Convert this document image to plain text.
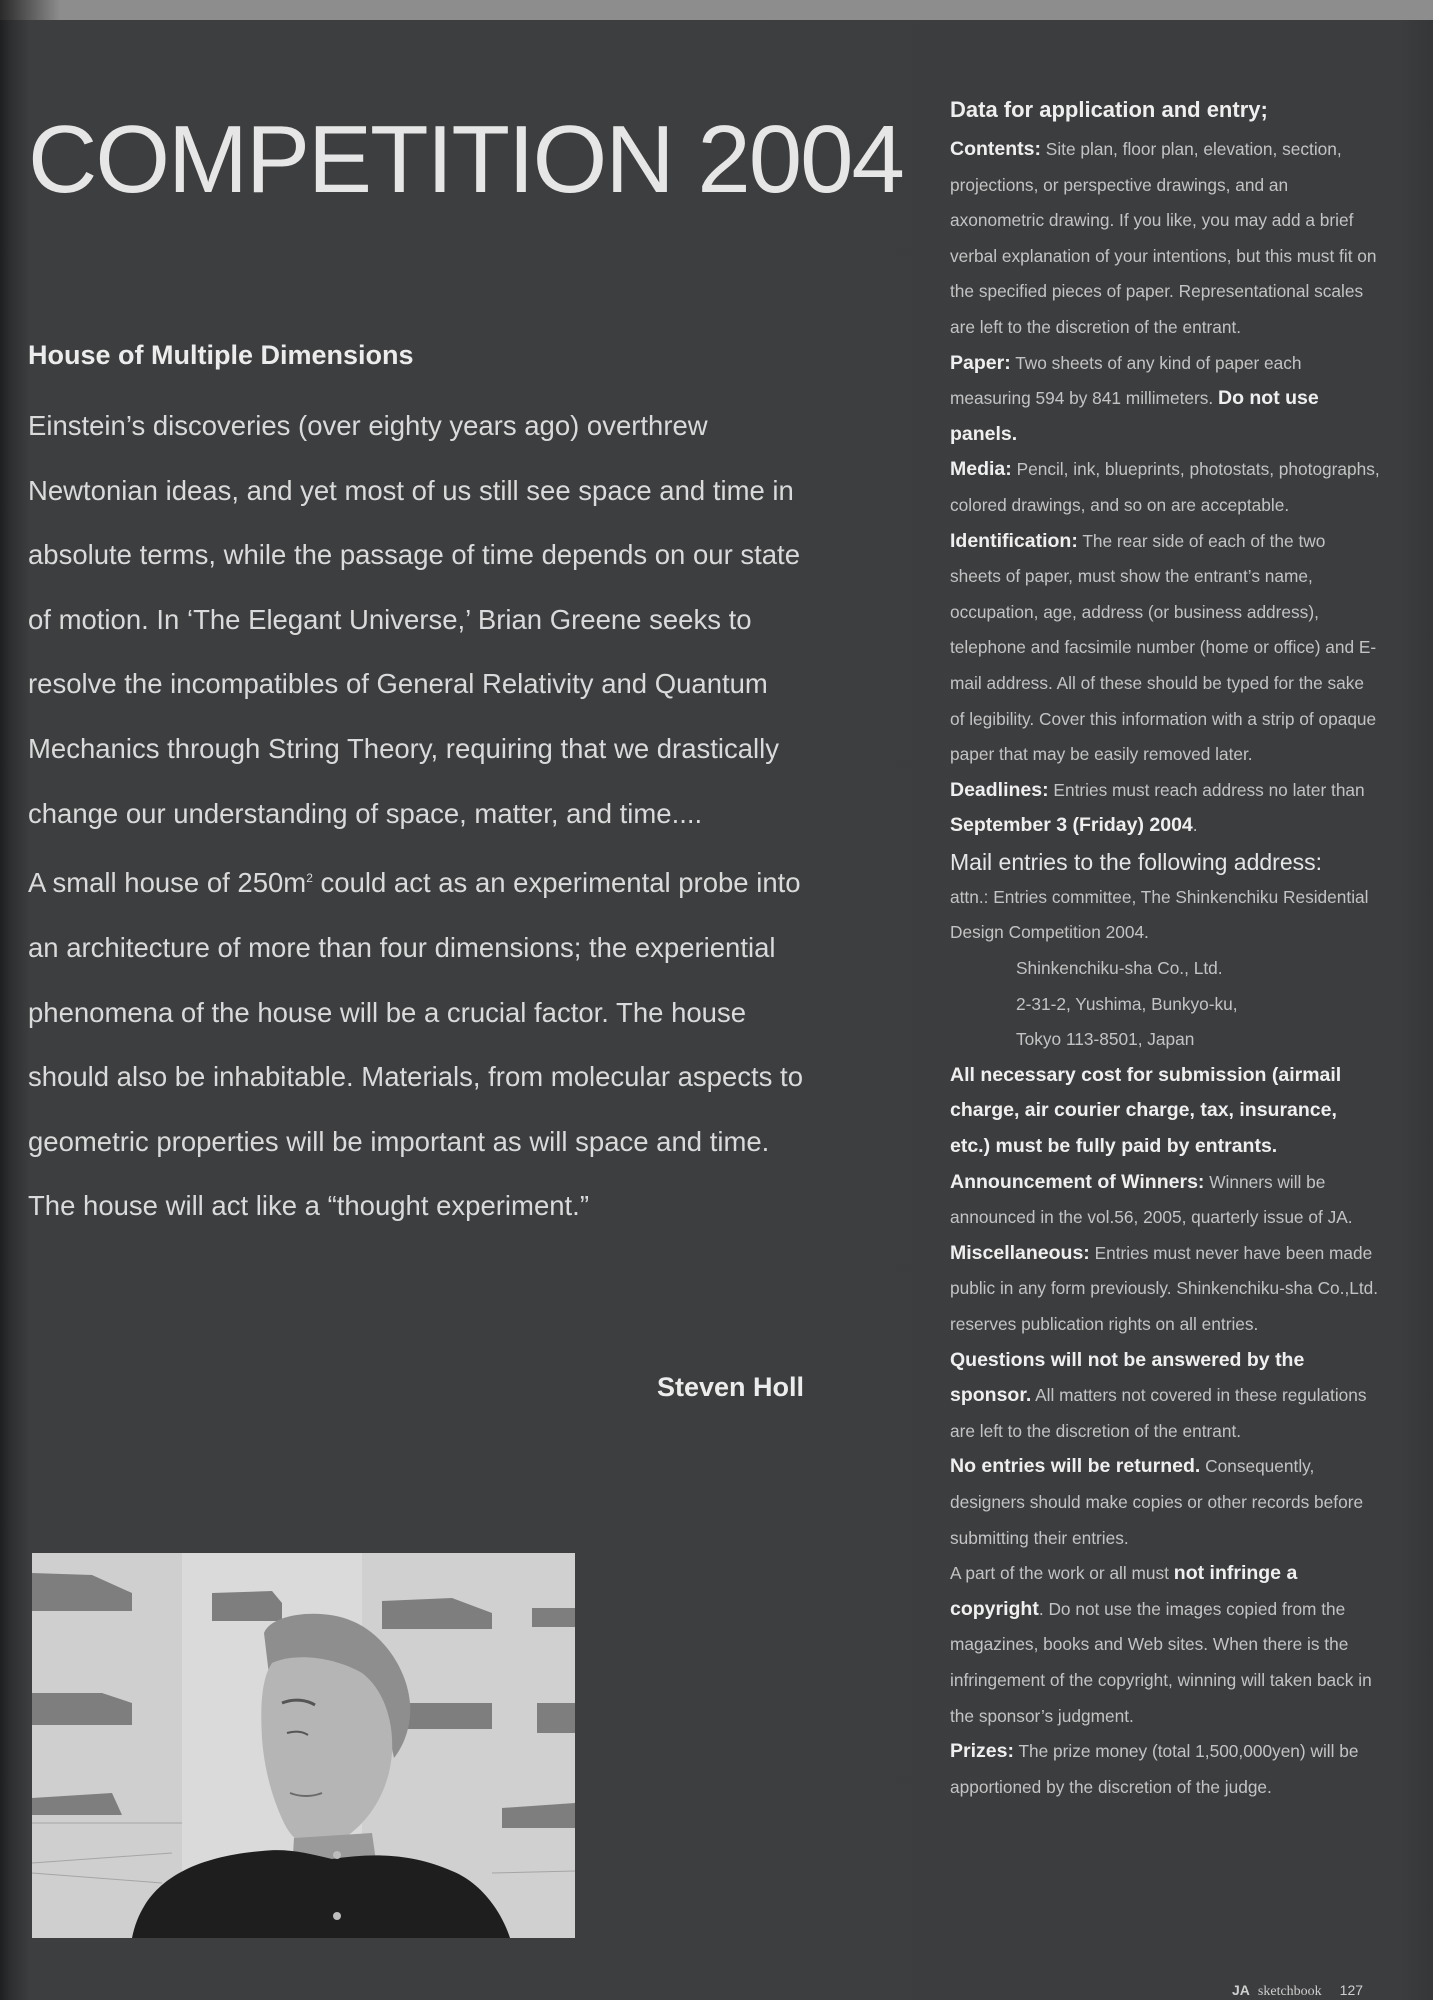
COMPETITION 2004
House of Multiple Dimensions

Einstein’s discoveries (over eighty years ago) overthrew Newtonian ideas, and yet most of us still see space and time in absolute terms, while the passage of time depends on our state of motion. In ‘The Elegant Universe,’ Brian Greene seeks to resolve the incompatibles of General Relativity and Quantum Mechanics through String Theory, requiring that we drastically change our understanding of space, matter, and time....

A small house of $250m^2$ could act as an experimental probe into an architecture of more than four dimensions; the experiential phenomena of the house will be a crucial factor. The house should also be inhabitable. Materials, from molecular aspects to geometric properties will be important as will space and time. The house will act like a “thought experiment.”

Steven Holl

Data for application and entry;

Contents: Site plan, floor plan, elevation, section, projections, or perspective drawings, and an axonometric drawing. If you like, you may add a brief verbal explanation of your intentions, but this must fit on the specified pieces of paper. Representational scales are left to the discretion of the entrant.

Paper: Two sheets of any kind of paper each measuring 594 by 841 millimeters. Do not use panels.

Media: Pencil, ink, blueprints, photostats, photographs, colored drawings, and so on are acceptable.

Identification: The rear side of each of the two sheets of paper, must show the entrant’s name, occupation, age, address (or business address), telephone and facsimile number (home or office) and E-mail address. All of these should be typed for the sake of legibility. Cover this information with a strip of opaque paper that may be easily removed later.

Deadlines: Entries must reach address no later than September 3 (Friday) 2004.

Mail entries to the following address:

attn.: Entries committee, The Shinkenchiku Residential Design Competition 2004.

Shinkenchiku-sha Co., Ltd.

2-31-2, Yushima, Bunkyo-ku,

Tokyo 113-8501, Japan

All necessary cost for submission (airmail charge, air courier charge, tax, insurance, etc.) must be fully paid by entrants.

Announcement of Winners: Winners will be announced in the vol.56, 2005, quarterly issue of JA.

Miscellaneous: Entries must never have been made public in any form previously. Shinkenchiku-sha Co.,Ltd. reserves publication rights on all entries.

Questions will not be answered by the sponsor. All matters not covered in these regulations are left to the discretion of the entrant.

No entries will be returned. Consequently, designers should make copies or other records before submitting their entries.

A part of the work or all must not infringe a copyright. Do not use the images copied from the magazines, books and Web sites. When there is the infringement of the copyright, winning will taken back in the sponsor’s judgment.

Prizes: The prize money (total 1,500,000yen) will be apportioned by the discretion of the judge.

JA sketchbook 127
